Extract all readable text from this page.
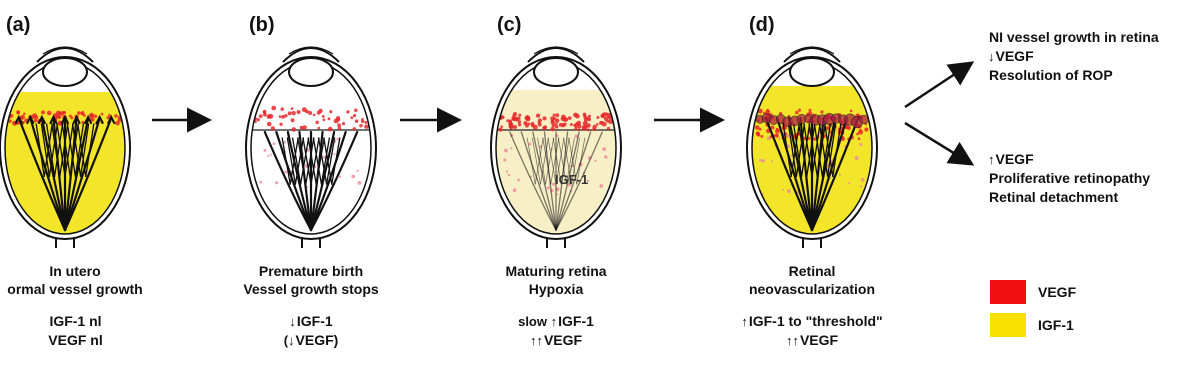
(a)	(b)	(c)	(d)
IGF-1
In utero
ormal vessel growth
IGF-1 nl
VEGF nl
Premature birth
Vessel growth stops
↓IGF-1
(↓VEGF)
Maturing retina
Hypoxia
slow ↑IGF-1
↑↑VEGF
Retinal
neovascularization
↑IGF-1 to "threshold"
↑↑VEGF
NI vessel growth in retina
↓VEGF
Resolution of ROP
↑VEGF
Proliferative retinopathy
Retinal detachment
VEGF
IGF-1
